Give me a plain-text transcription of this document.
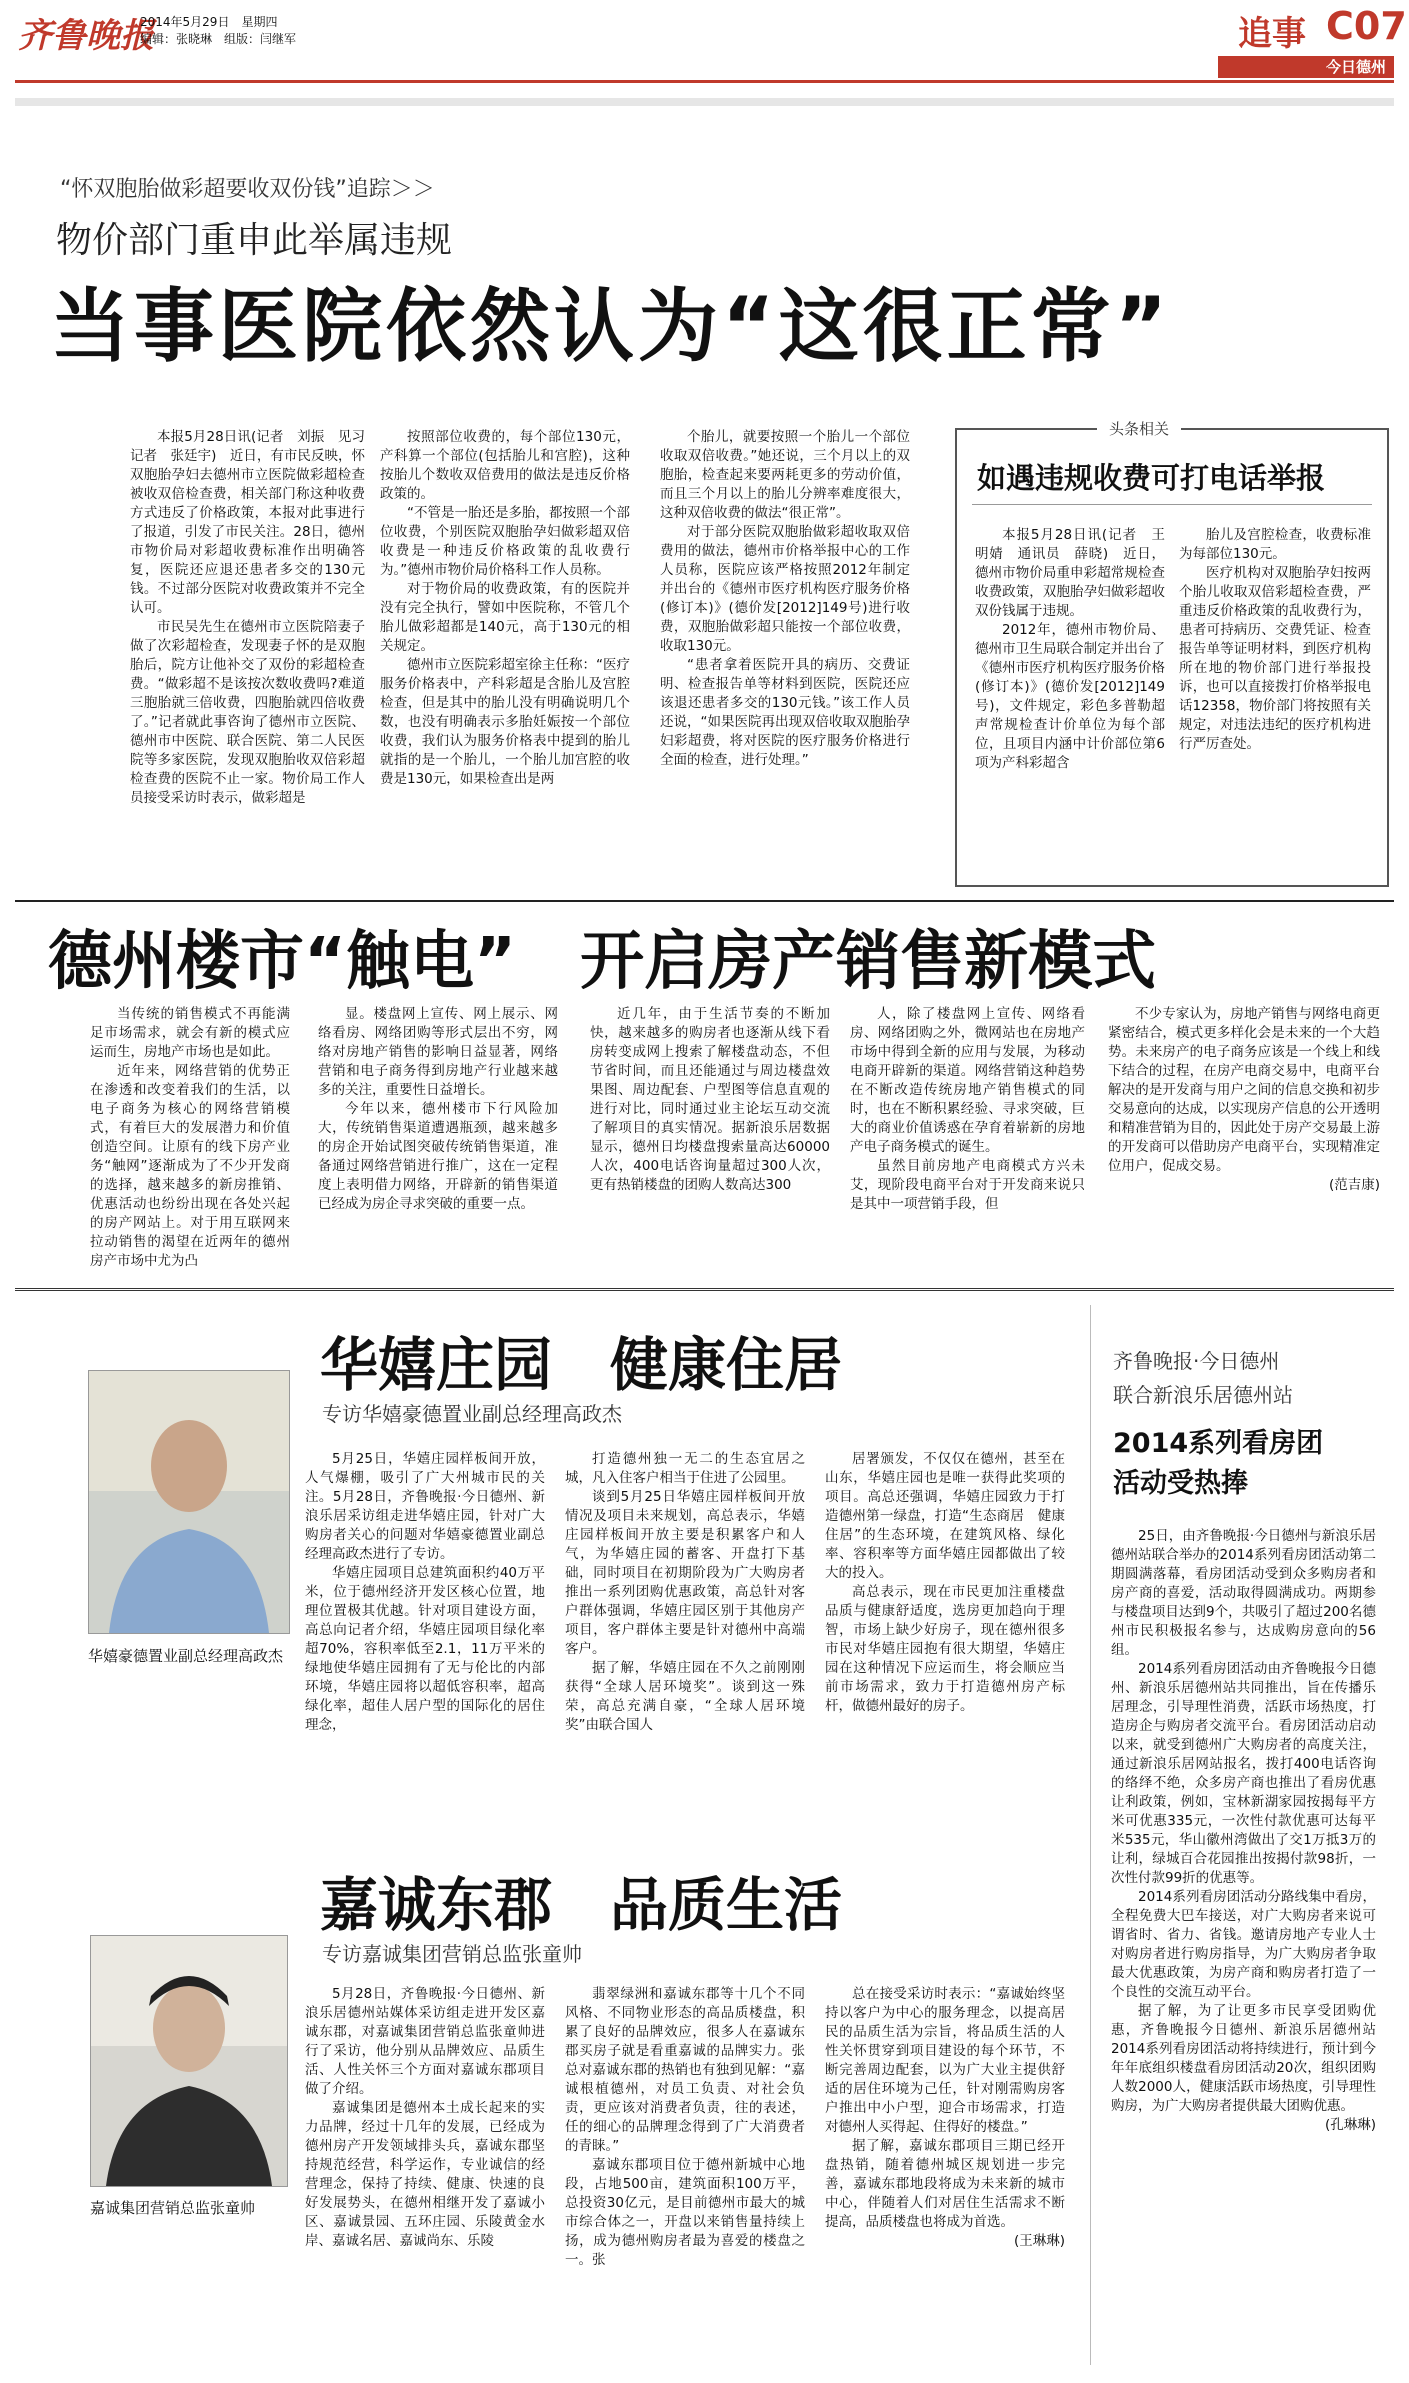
齐鲁晚报
2014年5月29日　星期四
编辑：张晓琳　组版：闫继军	追事 C07
今日德州
“怀双胞胎做彩超要收双份钱”追踪＞＞
物价部门重申此举属违规
当事医院依然认为“这很正常”

本报5月28日讯(记者　刘振　见习记者　张廷宇)　近日，有市民反映，怀双胞胎孕妇去德州市立医院做彩超检查被收双倍检查费，相关部门称这种收费方式违反了价格政策，本报对此事进行了报道，引发了市民关注。28日，德州市物价局对彩超收费标准作出明确答复，医院还应退还患者多交的130元钱。不过部分医院对收费政策并不完全认可。

市民吴先生在德州市立医院陪妻子做了次彩超检查，发现妻子怀的是双胞胎后，院方让他补交了双份的彩超检查费。“做彩超不是该按次数收费吗?难道三胞胎就三倍收费，四胞胎就四倍收费了。”记者就此事咨询了德州市立医院、德州市中医院、联合医院、第二人民医院等多家医院，发现双胞胎收双倍彩超检查费的医院不止一家。物价局工作人员接受采访时表示，做彩超是

按照部位收费的，每个部位130元，产科算一个部位(包括胎儿和宫腔)，这种按胎儿个数收双倍费用的做法是违反价格政策的。

“不管是一胎还是多胎，都按照一个部位收费，个别医院双胞胎孕妇做彩超双倍收费是一种违反价格政策的乱收费行为。”德州市物价局价格科工作人员称。

对于物价局的收费政策，有的医院并没有完全执行，譬如中医院称，不管几个胎儿做彩超都是140元，高于130元的相关规定。

德州市立医院彩超室徐主任称：“医疗服务价格表中，产科彩超是含胎儿及宫腔检查，但是其中的胎儿没有明确说明几个数，也没有明确表示多胎妊娠按一个部位收费，我们认为服务价格表中提到的胎儿就指的是一个胎儿，一个胎儿加宫腔的收费是130元，如果检查出是两

个胎儿，就要按照一个胎儿一个部位收取双倍收费。”她还说，三个月以上的双胞胎，检查起来要两耗更多的劳动价值，而且三个月以上的胎儿分辨率难度很大，这种双倍收费的做法“很正常”。

对于部分医院双胞胎做彩超收取双倍费用的做法，德州市价格举报中心的工作人员称，医院应该严格按照2012年制定并出台的《德州市医疗机构医疗服务价格(修订本)》(德价发[2012]149号)进行收费，双胞胎做彩超只能按一个部位收费，收取130元。

“患者拿着医院开具的病历、交费证明、检查报告单等材料到医院，医院还应该退还患者多交的130元钱。”该工作人员还说，“如果医院再出现双倍收取双胞胎孕妇彩超费，将对医院的医疗服务价格进行全面的检查，进行处理。”

头条相关
如遇违规收费可打电话举报

本报5月28日讯(记者　王明婧　通讯员　薛晓)　近日，德州市物价局重申彩超常规检查收费政策，双胞胎孕妇做彩超收双份钱属于违规。

2012年，德州市物价局、德州市卫生局联合制定并出台了《德州市医疗机构医疗服务价格(修订本)》(德价发[2012]149号)，文件规定，彩色多普勒超声常规检查计价单位为每个部位，且项目内涵中计价部位第6项为产科彩超含

胎儿及宫腔检查，收费标准为每部位130元。

医疗机构对双胞胎孕妇按两个胎儿收取双倍彩超检查费，严重违反价格政策的乱收费行为，患者可持病历、交费凭证、检查报告单等证明材料，到医疗机构所在地的物价部门进行举报投诉，也可以直接拨打价格举报电话12358，物价部门将按照有关规定，对违法违纪的医疗机构进行严厉查处。

德州楼市“触电”　开启房产销售新模式

当传统的销售模式不再能满足市场需求，就会有新的模式应运而生，房地产市场也是如此。

近年来，网络营销的优势正在渗透和改变着我们的生活，以电子商务为核心的网络营销模式，有着巨大的发展潜力和价值创造空间。让原有的线下房产业务“触网”逐渐成为了不少开发商的选择，越来越多的新房推销、优惠活动也纷纷出现在各处兴起的房产网站上。对于用互联网来拉动销售的渴望在近两年的德州房产市场中尤为凸

显。楼盘网上宣传、网上展示、网络看房、网络团购等形式层出不穷，网络对房地产销售的影响日益显著，网络营销和电子商务得到房地产行业越来越多的关注，重要性日益增长。

今年以来，德州楼市下行风险加大，传统销售渠道遭遇瓶颈，越来越多的房企开始试图突破传统销售渠道，准备通过网络营销进行推广，这在一定程度上表明借力网络，开辟新的销售渠道已经成为房企寻求突破的重要一点。

近几年，由于生活节奏的不断加快，越来越多的购房者也逐渐从线下看房转变成网上搜索了解楼盘动态，不但节省时间，而且还能通过与周边楼盘效果图、周边配套、户型图等信息直观的进行对比，同时通过业主论坛互动交流了解项目的真实情况。据新浪乐居数据显示，德州日均楼盘搜索量高达60000人次，400电话咨询量超过300人次，更有热销楼盘的团购人数高达300

人，除了楼盘网上宣传、网络看房、网络团购之外，微网站也在房地产市场中得到全新的应用与发展，为移动电商开辟新的渠道。网络营销这种趋势在不断改造传统房地产销售模式的同时，也在不断积累经验、寻求突破，巨大的商业价值诱惑在孕育着崭新的房地产电子商务模式的诞生。

虽然目前房地产电商模式方兴未艾，现阶段电商平台对于开发商来说只是其中一项营销手段，但

不少专家认为，房地产销售与网络电商更紧密结合，模式更多样化会是未来的一个大趋势。未来房产的电子商务应该是一个线上和线下结合的过程，在房产电商交易中，电商平台解决的是开发商与用户之间的信息交换和初步交易意向的达成，以实现房产信息的公开透明和精准营销为目的，因此处于房产交易最上游的开发商可以借助房产电商平台，实现精准定位用户，促成交易。

(范吉康)
华嬉庄园　健康住居
专访华嬉豪德置业副总经理高政杰
华嬉豪德置业副总经理高政杰

5月25日，华嬉庄园样板间开放，人气爆棚，吸引了广大州城市民的关注。5月28日，齐鲁晚报·今日德州、新浪乐居采访组走进华嬉庄园，针对广大购房者关心的问题对华嬉豪德置业副总经理高政杰进行了专访。

华嬉庄园项目总建筑面积约40万平米，位于德州经济开发区核心位置，地理位置极其优越。针对项目建设方面，高总向记者介绍，华嬉庄园项目绿化率超70%，容积率低至2.1，11万平米的绿地使华嬉庄园拥有了无与伦比的内部环境，华嬉庄园将以超低容积率，超高绿化率，超佳人居户型的国际化的居住理念，

打造德州独一无二的生态宜居之城，凡入住客户相当于住进了公园里。

谈到5月25日华嬉庄园样板间开放情况及项目未来规划，高总表示，华嬉庄园样板间开放主要是积累客户和人气，为华嬉庄园的蓄客、开盘打下基础，同时项目在初期阶段为广大购房者推出一系列团购优惠政策，高总针对客户群体强调，华嬉庄园区别于其他房产项目，客户群体主要是针对德州中高端客户。

据了解，华嬉庄园在不久之前刚刚获得“全球人居环境奖”。谈到这一殊荣，高总充满自豪，“全球人居环境奖”由联合国人

居署颁发，不仅仅在德州，甚至在山东，华嬉庄园也是唯一获得此奖项的项目。高总还强调，华嬉庄园致力于打造德州第一绿盘，打造“生态商居　健康住居”的生态环境，在建筑风格、绿化率、容积率等方面华嬉庄园都做出了较大的投入。

高总表示，现在市民更加注重楼盘品质与健康舒适度，选房更加趋向于理智，市场上缺少好房子，现在德州很多市民对华嬉庄园抱有很大期望，华嬉庄园在这种情况下应运而生，将会顺应当前市场需求，致力于打造德州房产标杆，做德州最好的房子。

齐鲁晚报·今日德州
联合新浪乐居德州站
2014系列看房团
活动受热捧

25日，由齐鲁晚报·今日德州与新浪乐居德州站联合举办的2014系列看房团活动第二期圆满落幕，看房团活动受到众多购房者和房产商的喜爱，活动取得圆满成功。两期参与楼盘项目达到9个，共吸引了超过200名德州市民积极报名参与，达成购房意向的56组。

2014系列看房团活动由齐鲁晚报今日德州、新浪乐居德州站共同推出，旨在传播乐居理念，引导理性消费，活跃市场热度，打造房企与购房者交流平台。看房团活动启动以来，就受到德州广大购房者的高度关注，通过新浪乐居网站报名，拨打400电话咨询的络绎不绝，众多房产商也推出了看房优惠让利政策，例如，宝林新湖家园按揭每平方米可优惠335元，一次性付款优惠可达每平米535元，华山徽州湾做出了交1万抵3万的让利，绿城百合花园推出按揭付款98折，一次性付款99折的优惠等。

2014系列看房团活动分路线集中看房，全程免费大巴车接送，对广大购房者来说可谓省时、省力、省钱。邀请房地产专业人士对购房者进行购房指导，为广大购房者争取最大优惠政策，为房产商和购房者打造了一个良性的交流互动平台。

据了解，为了让更多市民享受团购优惠，齐鲁晚报今日德州、新浪乐居德州站2014系列看房团活动将持续进行，预计到今年年底组织楼盘看房团活动20次，组织团购人数2000人，健康活跃市场热度，引导理性购房，为广大购房者提供最大团购优惠。

(孔琳琳)
嘉诚东郡　品质生活
专访嘉诚集团营销总监张童帅
嘉诚集团营销总监张童帅

5月28日，齐鲁晚报·今日德州、新浪乐居德州站媒体采访组走进开发区嘉诚东郡，对嘉诚集团营销总监张童帅进行了采访，他分别从品牌效应、品质生活、人性关怀三个方面对嘉诚东郡项目做了介绍。

嘉诚集团是德州本土成长起来的实力品牌，经过十几年的发展，已经成为德州房产开发领域排头兵，嘉诚东郡坚持规范经营，科学运作，专业诚信的经营理念，保持了持续、健康、快速的良好发展势头，在德州相继开发了嘉诚小区、嘉诚景园、五环庄园、乐陵黄金水岸、嘉诚名居、嘉诚尚东、乐陵

翡翠绿洲和嘉诚东郡等十几个不同风格、不同物业形态的高品质楼盘，积累了良好的品牌效应，很多人在嘉诚东郡买房子就是看重嘉诚的品牌实力。张总对嘉诚东郡的热销也有独到见解：“嘉诚根植德州，对员工负责、对社会负责，更应该对消费者负责，往的表述，任的细心的品牌理念得到了广大消费者的青睐。”

嘉诚东郡项目位于德州新城中心地段，占地500亩，建筑面积100万平，总投资30亿元，是目前德州市最大的城市综合体之一，开盘以来销售量持续上扬，成为德州购房者最为喜爱的楼盘之一。张

总在接受采访时表示：“嘉诚始终坚持以客户为中心的服务理念，以提高居民的品质生活为宗旨，将品质生活的人性关怀贯穿到项目建设的每个环节，不断完善周边配套，以为广大业主提供舒适的居住环境为己任，针对刚需购房客户推出中小户型，迎合市场需求，打造对德州人买得起、住得好的楼盘。”

据了解，嘉诚东郡项目三期已经开盘热销，随着德州城区规划进一步完善，嘉诚东郡地段将成为未来新的城市中心，伴随着人们对居住生活需求不断提高，品质楼盘也将成为首选。

(王琳琳)
